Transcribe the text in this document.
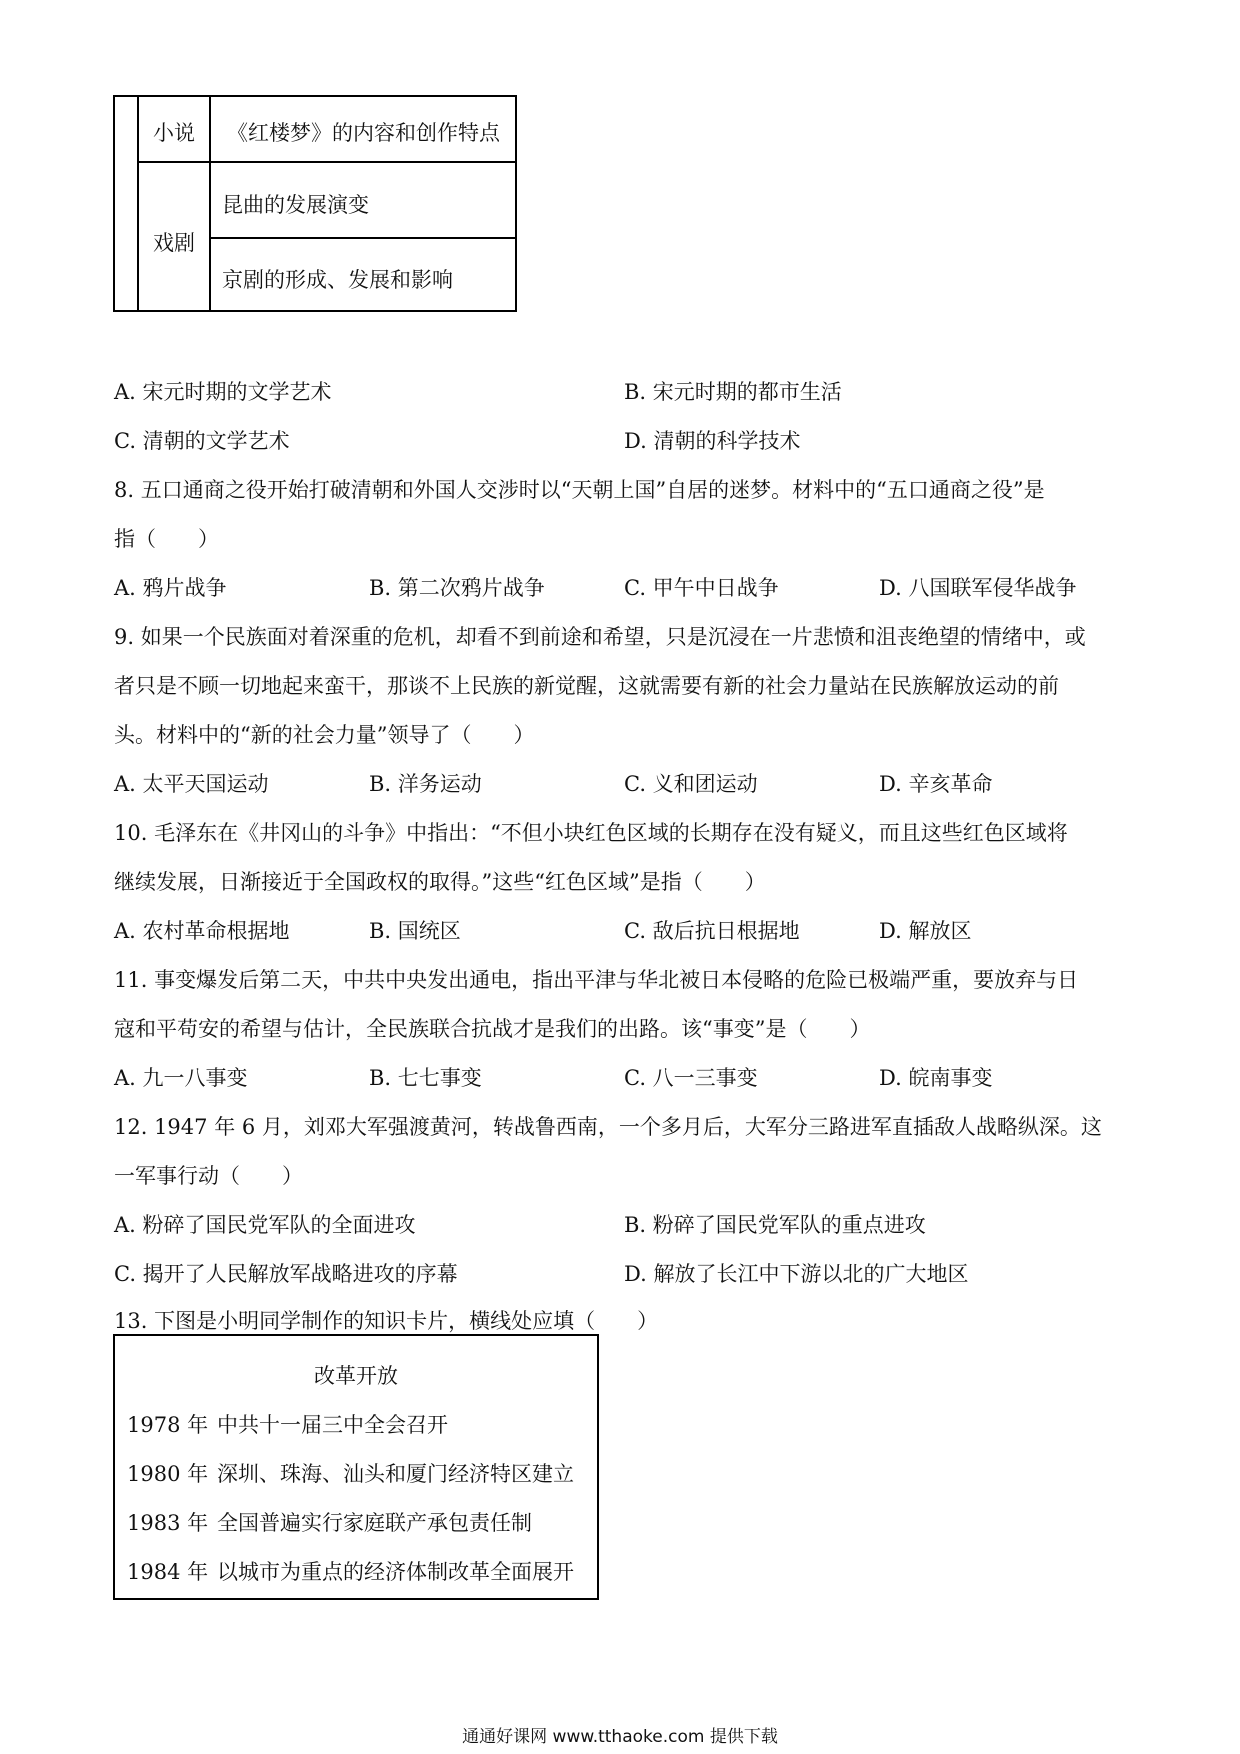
小说 《红楼梦》的内容和创作特点
戏剧
昆曲的发展演变
京剧的形成、发展和影响
A. 宋元时期的文学艺术	B. 宋元时期的都市生活
C. 清朝的文学艺术	D. 清朝的科学技术
8. 五口通商之役开始打破清朝和外国人交涉时以“天朝上国”自居的迷梦。材料中的“五口通商之役”是
指（　　）
A. 鸦片战争	B. 第二次鸦片战争	C. 甲午中日战争	D. 八国联军侵华战争
9. 如果一个民族面对着深重的危机，却看不到前途和希望，只是沉浸在一片悲愤和沮丧绝望的情绪中，或
者只是不顾一切地起来蛮干，那谈不上民族的新觉醒，这就需要有新的社会力量站在民族解放运动的前
头。材料中的“新的社会力量”领导了（　　）
A. 太平天国运动	B. 洋务运动	C. 义和团运动	D. 辛亥革命
10. 毛泽东在《井冈山的斗争》中指出：“不但小块红色区域的长期存在没有疑义，而且这些红色区域将
继续发展，日渐接近于全国政权的取得。”这些“红色区域”是指（　　）
A. 农村革命根据地	B. 国统区	C. 敌后抗日根据地	D. 解放区
11. 事变爆发后第二天，中共中央发出通电，指出平津与华北被日本侵略的危险已极端严重，要放弃与日
寇和平苟安的希望与估计，全民族联合抗战才是我们的出路。该“事变”是（　　）
A. 九一八事变	B. 七七事变	C. 八一三事变	D. 皖南事变
12. 1947 年 6 月，刘邓大军强渡黄河，转战鲁西南，一个多月后，大军分三路进军直插敌人战略纵深。这
一军事行动（　　）
A. 粉碎了国民党军队的全面进攻	B. 粉碎了国民党军队的重点进攻
C. 揭开了人民解放军战略进攻的序幕	D. 解放了长江中下游以北的广大地区
13. 下图是小明同学制作的知识卡片，横线处应填（　　）
改革开放
1978 年 中共十一届三中全会召开
1980 年 深圳、珠海、汕头和厦门经济特区建立
1983 年 全国普遍实行家庭联产承包责任制
1984 年 以城市为重点的经济体制改革全面展开
通通好课网 www.tthaoke.com 提供下载
